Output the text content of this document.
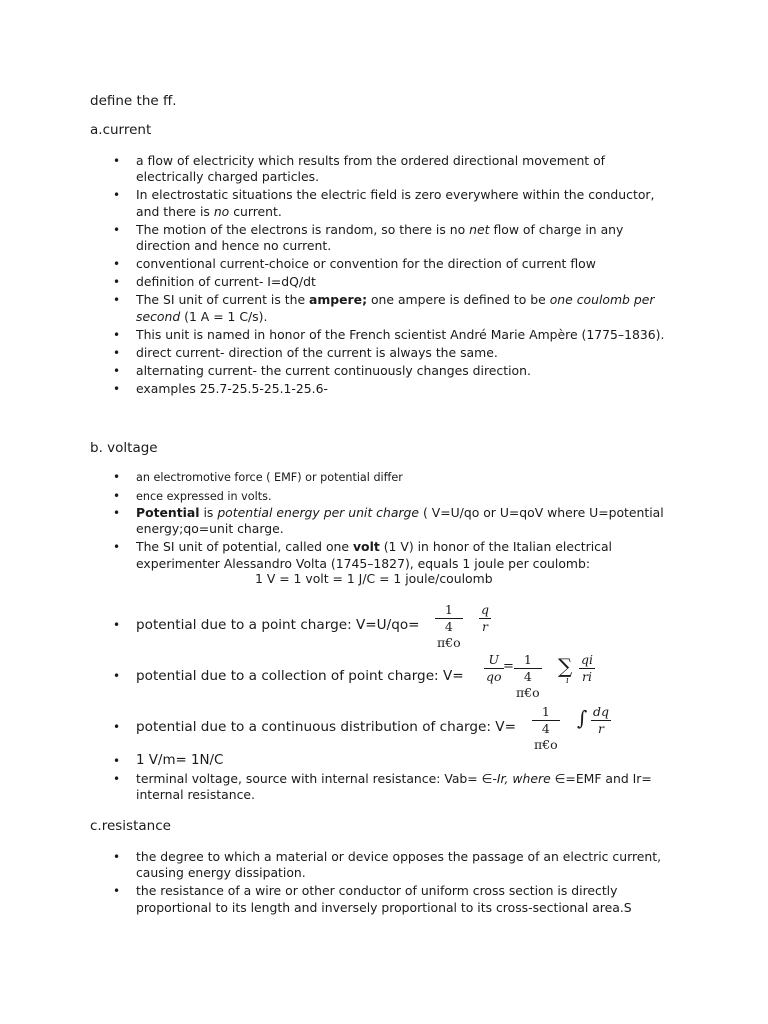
define the ff.
a.current
• a flow of electricity which results from the ordered directional movement of electrically charged particles.
• In electrostatic situations the electric field is zero everywhere within the conductor, and there is no current.
• The motion of the electrons is random, so there is no net flow of charge in any direction and hence no current.
• conventional current-choice or convention for the direction of current flow
• definition of current- I=dQ/dt
• The SI unit of current is the ampere; one ampere is defined to be one coulomb per second (1 A = 1 C/s).
• This unit is named in honor of the French scientist André Marie Ampère (1775–1836).
• direct current- direction of the current is always the same.
• alternating current- the current continuously changes direction.
• examples 25.7-25.5-25.1-25.6-
b. voltage
• an electromotive force ( EMF) or potential differ
• ence expressed in volts.
• Potential is potential energy per unit charge ( V=U/qo or U=qoV where U=potential energy;qo=unit charge.
• The SI unit of potential, called one volt (1 V) in honor of the Italian electrical experimenter Alessandro Volta (1745–1827), equals 1 joule per coulomb:
1 V = 1 volt = 1 J/C = 1 joule/coulomb
• potential due to a point charge: $V=U/qo= \frac{1}{4 \pi€o} \frac{q}{r}$
• potential due to a collection of point charge: $V= \frac{U}{qo} = \frac{1}{4 \pi€o}$ ∑
i $\frac{qi}{ri}$
• potential due to a continuous distribution of charge: $V= \frac{1}{4 \pi€o}$ ∫ $\frac{dq}{r}$
• 1 V/m= 1N/C
• terminal voltage, source with internal resistance: Vab= ∈-Ir, where ∈=EMF and Ir= internal resistance.
c.resistance
• the degree to which a material or device opposes the passage of an electric current, causing energy dissipation.
• the resistance of a wire or other conductor of uniform cross section is directly proportional to its length and inversely proportional to its cross-sectional area.S
